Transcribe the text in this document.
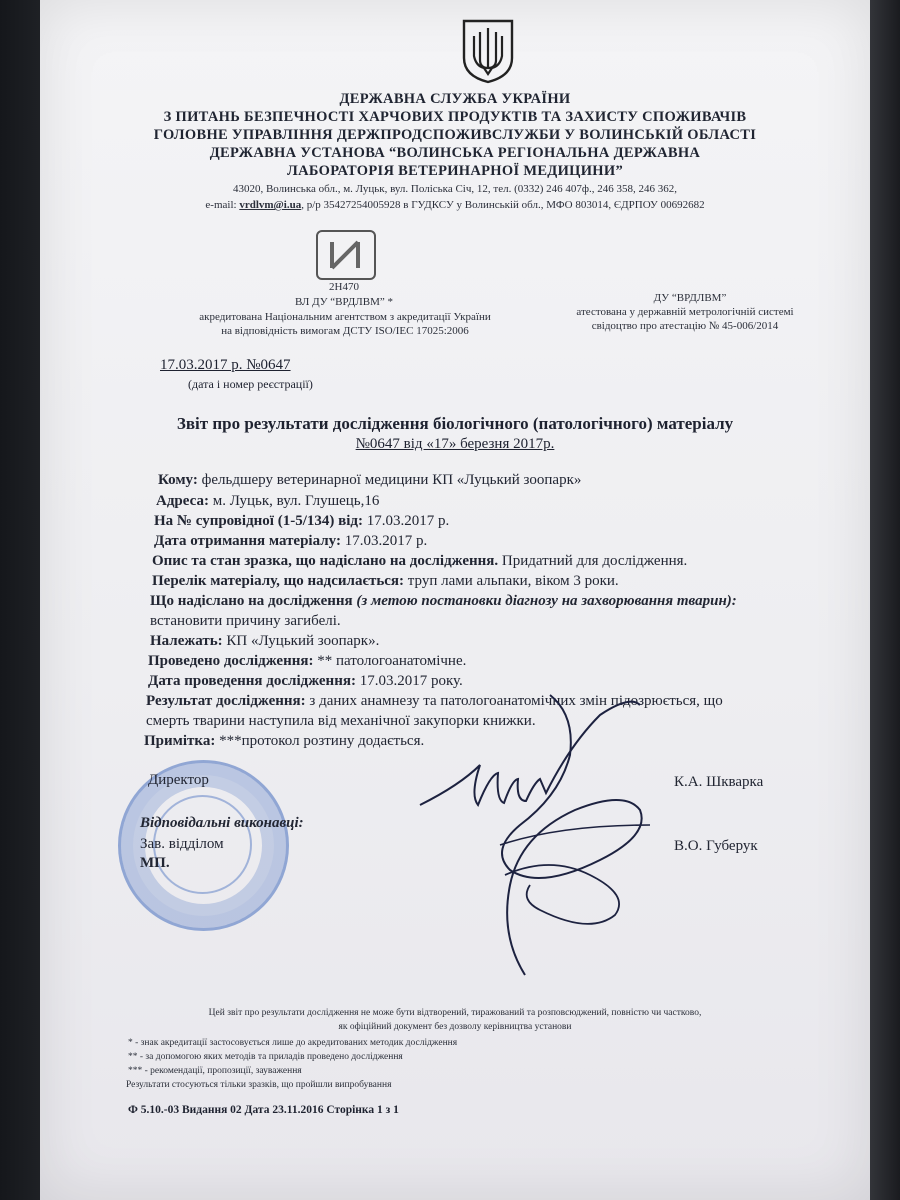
ДЕРЖАВНА СЛУЖБА УКРАЇНИ
З ПИТАНЬ БЕЗПЕЧНОСТІ ХАРЧОВИХ ПРОДУКТІВ ТА ЗАХИСТУ СПОЖИВАЧІВ
ГОЛОВНЕ УПРАВЛІННЯ ДЕРЖПРОДСПОЖИВСЛУЖБИ У ВОЛИНСЬКІЙ ОБЛАСТІ
ДЕРЖАВНА УСТАНОВА “ВОЛИНСЬКА РЕГІОНАЛЬНА ДЕРЖАВНА
ЛАБОРАТОРІЯ ВЕТЕРИНАРНОЇ МЕДИЦИНИ”
43020, Волинська обл., м. Луцьк, вул. Поліська Січ, 12, тел. (0332) 246 407ф., 246 358, 246 362,
e-mail: vrdlvm@i.ua, р/р 35427254005928 в ГУДКСУ у Волинській обл., МФО 803014, ЄДРПОУ 00692682
2H470
ВЛ ДУ “ВРДЛВМ” *
акредитована Національним агентством з акредитації України
на відповідність вимогам ДСТУ ISO/IEC 17025:2006
ДУ “ВРДЛВМ”
атестована у державній метрологічній системі
свідоцтво про атестацію № 45-006/2014
17.03.2017 р. №0647
(дата і номер реєстрації)
Звіт про результати дослідження біологічного (патологічного) матеріалу
№0647 від «17» березня 2017р.
Кому: фельдшеру ветеринарної медицини КП «Луцький зоопарк»
Адреса: м. Луцьк, вул. Глушець,16
На № супровідної (1-5/134) від: 17.03.2017 р.
Дата отримання матеріалу: 17.03.2017 р.
Опис та стан зразка, що надіслано на дослідження. Придатний для дослідження.
Перелік матеріалу, що надсилається: труп лами альпаки, віком 3 роки.
Що надіслано на дослідження (з метою постановки діагнозу на захворювання тварин):
встановити причину загибелі.
Належать: КП «Луцький зоопарк».
Проведено дослідження: ** патологоанатомічне.
Дата проведення дослідження: 17.03.2017 року.
Результат дослідження: з даних анамнезу та патологоанатомічних змін підозрюється, що
смерть тварини наступила від механічної закупорки книжки.
Примітка: ***протокол розтину додається.
Директор	К.А. Шкварка
Відповідальні виконавці:
Зав. відділом
МП.
В.О. Губерук
Цей звіт про результати дослідження не може бути відтворений, тиражований та розповсюджений, повністю чи частково,
як офіційний документ без дозволу керівництва установи
* - знак акредитації застосовується лише до акредитованих методик дослідження
** - за допомогою яких методів та приладів проведено дослідження
*** - рекомендації, пропозиції, зауваження
Результати стосуються тільки зразків, що пройшли випробування
Ф 5.10.-03 Видання 02 Дата 23.11.2016 Сторінка 1 з 1
